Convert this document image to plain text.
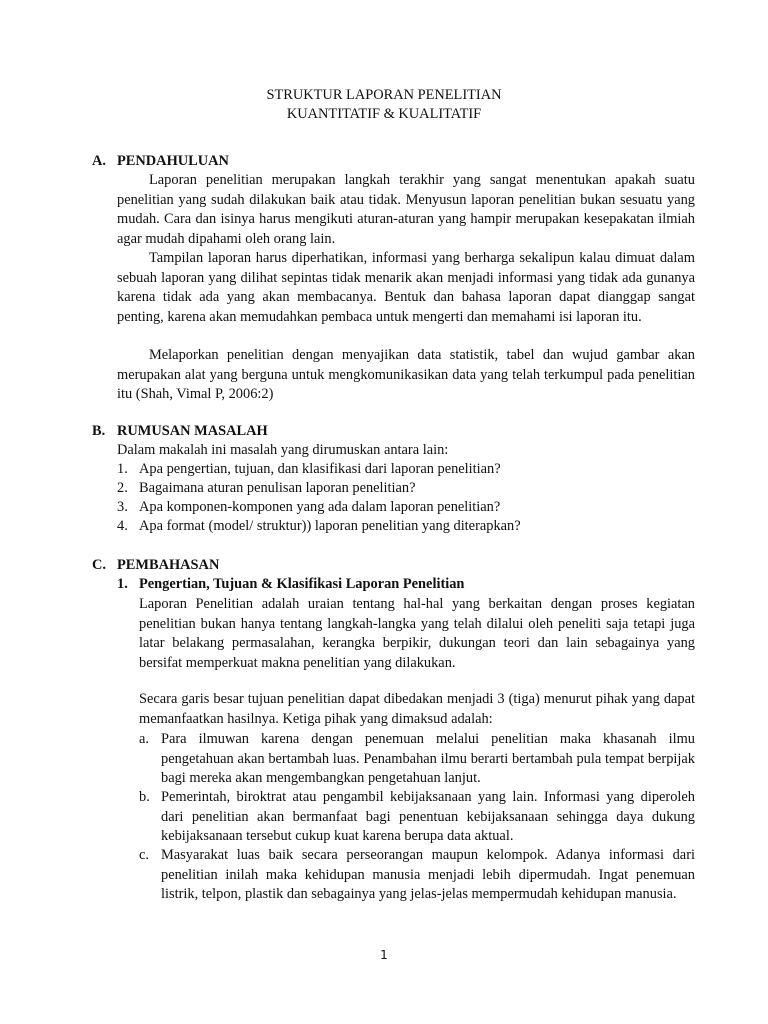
STRUKTUR LAPORAN PENELITIAN
KUANTITATIF & KUALITATIF
A. PENDAHULUAN
Laporan penelitian merupakan langkah terakhir yang sangat menentukan apakah suatu penelitian yang sudah dilakukan baik atau tidak. Menyusun laporan penelitian bukan sesuatu yang mudah. Cara dan isinya harus mengikuti aturan-aturan yang hampir merupakan kesepakatan ilmiah agar mudah dipahami oleh orang lain.
Tampilan laporan harus diperhatikan, informasi yang berharga sekalipun kalau dimuat dalam sebuah laporan yang dilihat sepintas tidak menarik akan menjadi informasi yang tidak ada gunanya karena tidak ada yang akan membacanya. Bentuk dan bahasa laporan dapat dianggap sangat penting, karena akan memudahkan pembaca untuk mengerti dan memahami isi laporan itu.
Melaporkan penelitian dengan menyajikan data statistik, tabel dan wujud gambar akan merupakan alat yang berguna untuk mengkomunikasikan data yang telah terkumpul pada penelitian itu (Shah, Vimal P, 2006:2)
B. RUMUSAN MASALAH
Dalam makalah ini masalah yang dirumuskan antara lain:
1. Apa pengertian, tujuan, dan klasifikasi dari laporan penelitian?
2. Bagaimana aturan penulisan laporan penelitian?
3. Apa komponen-komponen yang ada dalam laporan penelitian?
4. Apa format (model/ struktur)) laporan penelitian yang diterapkan?
C. PEMBAHASAN
1. Pengertian, Tujuan & Klasifikasi Laporan Penelitian
Laporan Penelitian adalah uraian tentang hal-hal yang berkaitan dengan proses kegiatan penelitian bukan hanya tentang langkah-langka yang telah dilalui oleh peneliti saja tetapi juga latar belakang permasalahan, kerangka berpikir, dukungan teori dan lain sebagainya yang bersifat memperkuat makna penelitian yang dilakukan.
Secara garis besar tujuan penelitian dapat dibedakan menjadi 3 (tiga) menurut pihak yang dapat memanfaatkan hasilnya. Ketiga pihak yang dimaksud adalah:
a. Para ilmuwan karena dengan penemuan melalui penelitian maka khasanah ilmu pengetahuan akan bertambah luas. Penambahan ilmu berarti bertambah pula tempat berpijak bagi mereka akan mengembangkan pengetahuan lanjut.
b. Pemerintah, biroktrat atau pengambil kebijaksanaan yang lain. Informasi yang diperoleh dari penelitian akan bermanfaat bagi penentuan kebijaksanaan sehingga daya dukung kebijaksanaan tersebut cukup kuat karena berupa data aktual.
c. Masyarakat luas baik secara perseorangan maupun kelompok. Adanya informasi dari penelitian inilah maka kehidupan manusia menjadi lebih dipermudah. Ingat penemuan listrik, telpon, plastik dan sebagainya yang jelas-jelas mempermudah kehidupan manusia.
1
